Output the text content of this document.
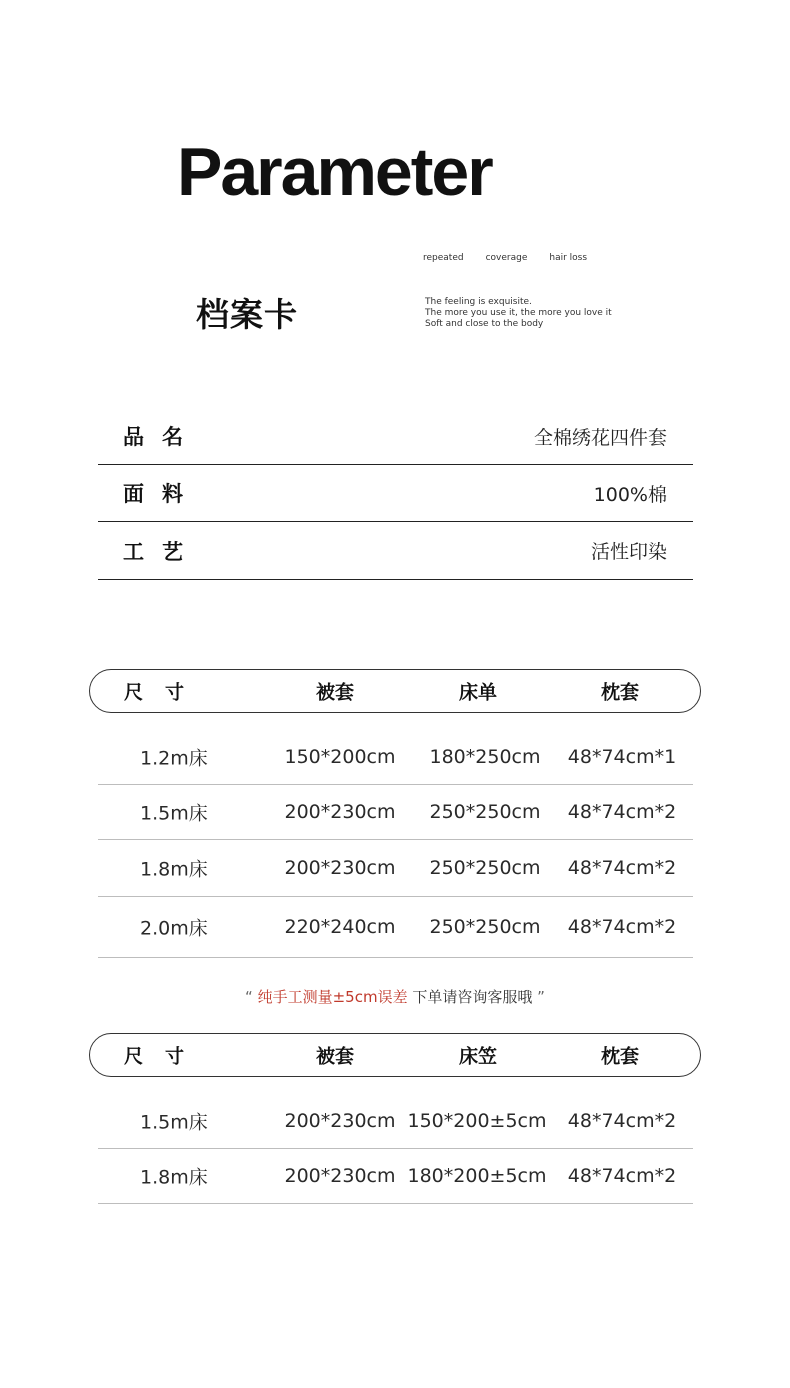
Parameter
repeated coverage hair loss
档案卡	The feeling is exquisite.
The more you use it, the more you love it
Soft and close to the body
品名	全棉绣花四件套
面料	100%棉
工艺	活性印染
尺寸	被套	床单	枕套
1.2m床	150*200cm 180*250cm 48*74cm*1
1.5m床	200*230cm 250*250cm 48*74cm*2
1.8m床	200*230cm 250*250cm 48*74cm*2
2.0m床	220*240cm 250*250cm 48*74cm*2
“ 纯手工测量±5cm误差 下单请咨询客服哦 ”
尺寸	被套	床笠	枕套
1.5m床	200*230cm 150*200±5cm 48*74cm*2
1.8m床	200*230cm 180*200±5cm 48*74cm*2
